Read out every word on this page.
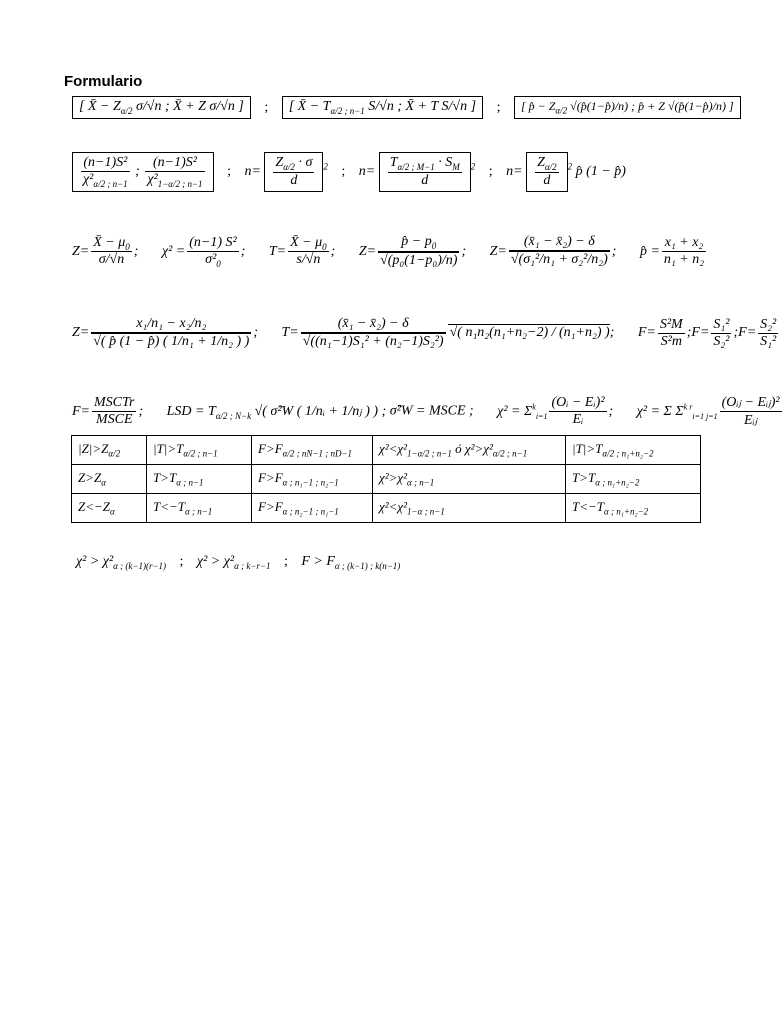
Formulario
[ X̄ − $Z_{\alpha/2}$ σ/√n ; X̄ + Z σ/√n ] ; [ X̄ − $T_{\alpha/2 ; n-1}$ S/√n ; X̄ + T S/√n ] ; [ p̂ − $Z_{\alpha/2}$ √(p̂(1−p̂)/n) ; p̂ + Z √(p̂(1−p̂)/n) ]
$\frac{\text{(n−1)S²}}{\chi^2_{\alpha/2 ; n-1}}$ ; $\frac{\text{(n−1)S²}}{\chi^2_{1-\alpha/2 ; n-1}}$ ; $n= \frac{Z_{\alpha/2} \cdot \sigma}{d} ^2$ ; $n= \frac{T_{\alpha/2 ; M-1} \cdot S_M}{d} ^2$ ; $n= \frac{Z_{\alpha/2}}{d} ^2$ p̂ (1 − p̂)
$Z= \frac{X̄ - \mu_0}{\sigma/√n}$ ; $\chi^2 = \frac{\text{(n−1) S²}}{\sigma^2_0}$ ; $T= \frac{X̄ - \mu_0}{s/√n}$ ; $Z= \frac{p̂ - p_0}{\text{√(p₀(1−p₀)/n)}}$ ; $Z= \frac{\text{(x̄₁ − x̄₂) − δ}}{\text{√(σ₁²/n₁ + σ₂²/n₂)}}$ ; p̂ = $\frac{\text{x₁ + x₂}}{\text{n₁ + n₂}}$
$Z= \frac{\text{x₁/n₁ − x₂/n₂}}{\text{√( p̂ (1 − p̂) ( 1/n₁ + 1/n₂ ) )}}$ ; $T= \frac{\text{(x̄₁ − x̄₂) − δ}}{\text{√((n₁−1)S₁² + (n₂−1)S₂²)}}$ √( n₁n₂(n₁+n₂−2) / (n₁+n₂) ); $F= \frac{\text{S²M}}{\text{S²m}}$ ;F= $\frac{\text{S₁²}}{\text{S₂²}}$ ;F= $\frac{\text{S₂²}}{\text{S₁²}}$
$F= \frac{\text{MSCTr}}{\text{MSCE}}$ ; LSD = $T_{\alpha/2 ; N-k}$ √( σ̂²W ( 1/nᵢ + 1/nⱼ ) ) ; σ̂²W = MSCE ; $\chi^2 = \Sigma^k_{i=1} \frac{\text{(Oᵢ − Eᵢ)²}}{\text{Eᵢ}}$ ; χ² = Σ $\Sigma^{k r}_{i=1 j=1} \frac{\text{(Oᵢⱼ − Eᵢⱼ)²}}{\text{Eᵢⱼ}}$
$|Z|>Z_{\alpha/2}$	$|T|>T_{\alpha/2 ; n-1}$	$F>F_{\alpha/2 ; nN-1 ; nD-1}$	$\chi^2<\chi^2_{1-\alpha/2 ; n-1}$ ó $\chi^2>\chi^2_{\alpha/2 ; n-1}$	$|T|>T_{\alpha/2 ; n_1+n_2-2}$
$Z>Z_\alpha$	$T>T_{\alpha ; n-1}$	$F>F_{\alpha ; n_1-1 ; n_2-1}$	$\chi^2>\chi^2_{\alpha ; n-1}$	$T>T_{\alpha ; n_1+n_2-2}$
$Z<-Z_\alpha$	$T<-T_{\alpha ; n-1}$	$F>F_{\alpha ; n_2-1 ; n_1-1}$	$\chi^2<\chi^2_{1-\alpha ; n-1}$	$T<-T_{\alpha ; n_1+n_2-2}$
$\chi^2 > \chi^2_{\alpha ; (k-1)(r-1)}$ ; $\chi^2 > \chi^2_{\alpha ; k-r-1}$ ; $F > F_{\alpha ; (k-1) ; k(n-1)}$
